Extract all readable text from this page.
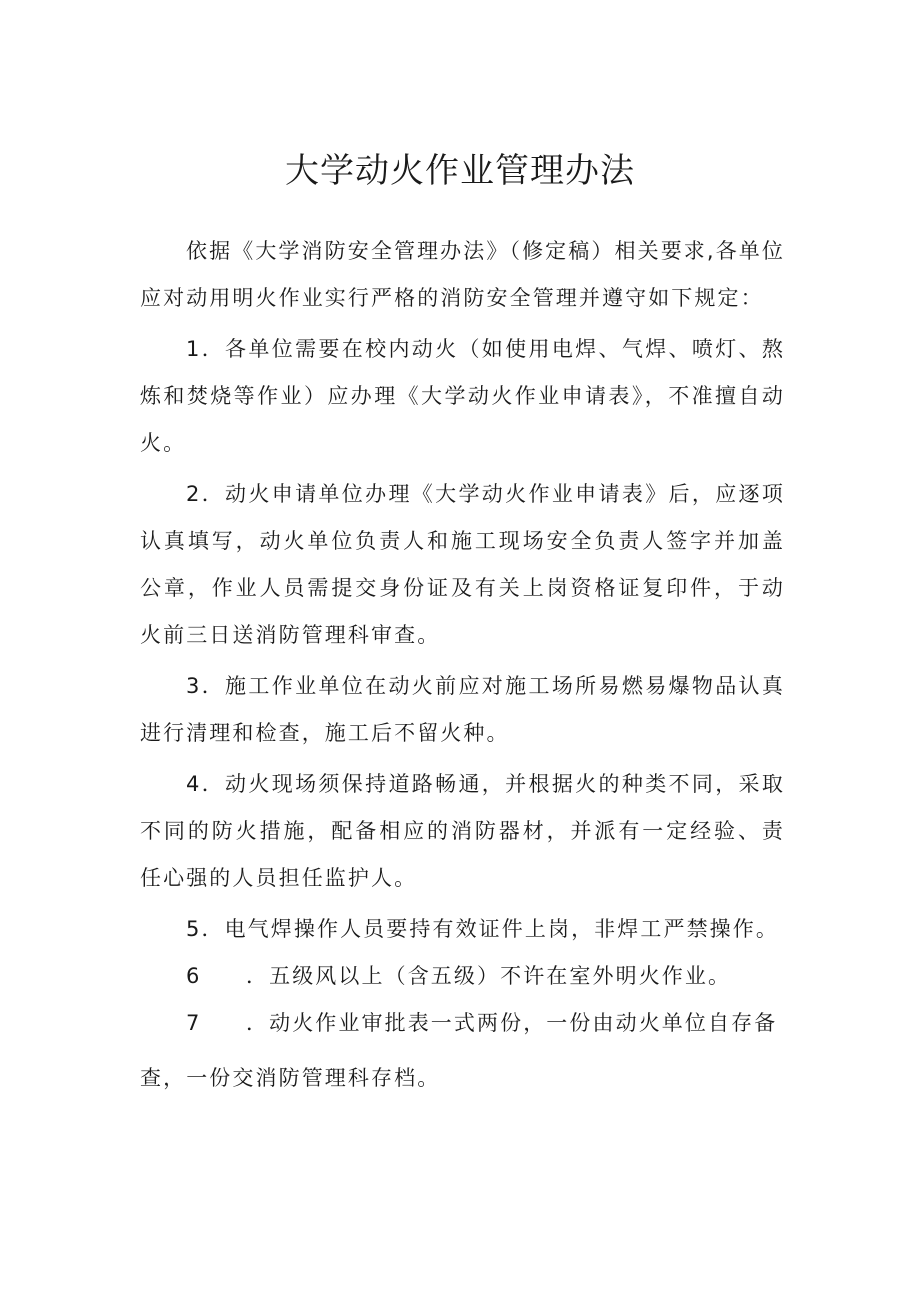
大学动火作业管理办法

依据《大学消防安全管理办法》（修定稿）相关要求,各单位应对动用明火作业实行严格的消防安全管理并遵守如下规定：

1．各单位需要在校内动火（如使用电焊、气焊、喷灯、熬炼和焚烧等作业）应办理《大学动火作业申请表》，不准擅自动火。

2．动火申请单位办理《大学动火作业申请表》后，应逐项认真填写，动火单位负责人和施工现场安全负责人签字并加盖公章，作业人员需提交身份证及有关上岗资格证复印件，于动火前三日送消防管理科审查。

3．施工作业单位在动火前应对施工场所易燃易爆物品认真进行清理和检查，施工后不留火种。

4．动火现场须保持道路畅通，并根据火的种类不同，采取不同的防火措施，配备相应的消防器材，并派有一定经验、责任心强的人员担任监护人。

5．电气焊操作人员要持有效证件上岗，非焊工严禁操作。

6 ．五级风以上（含五级）不许在室外明火作业。

7 ．动火作业审批表一式两份，一份由动火单位自存备
查，一份交消防管理科存档。
